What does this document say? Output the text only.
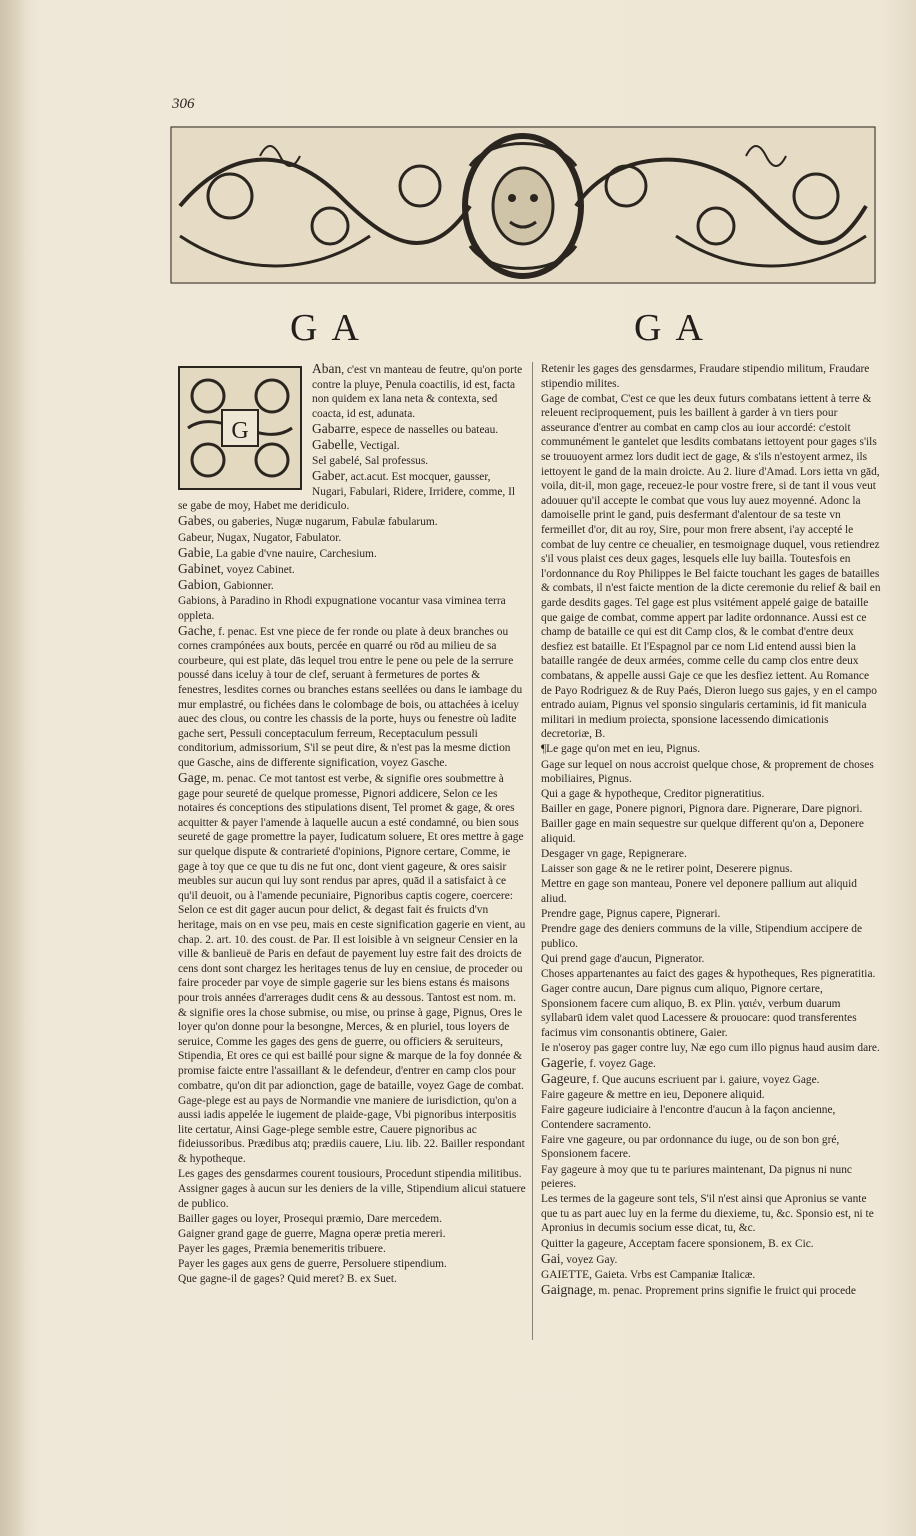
306
GA	GA
G
Aban, c'est vn manteau de feutre, qu'on porte contre la pluye, Penula coactilis, id est, facta non quidem ex lana neta & contexta, sed coacta, id est, adunata.
Gabarre, espece de nasselles ou bateau.
Gabelle, Vectigal.
Sel gabelé, Sal professus.
Gaber, act.acut. Est mocquer, gausser, Nugari, Fabulari, Ridere, Irridere, comme, Il se gabe de moy, Habet me deridiculo.
Gabes, ou gaberies, Nugæ nugarum, Fabulæ fabularum.
Gabeur, Nugax, Nugator, Fabulator.
Gabie, La gabie d'vne nauire, Carchesium.
Gabinet, voyez Cabinet.
Gabion, Gabionner.
Gabions, à Paradino in Rhodi expugnatione vocantur vasa viminea terra oppleta.
Gache, f. penac. Est vne piece de fer ronde ou plate à deux branches ou cornes crampónées aux bouts, percée en quarré ou rōd au milieu de sa courbeure, qui est plate, dās lequel trou entre le pene ou pele de la serrure poussé dans iceluy à tour de clef, seruant à fermetures de portes & fenestres, lesdites cornes ou branches estans seellées ou dans le iambage du mur emplastré, ou fichées dans le colombage de bois, ou attachées à iceluy auec des clous, ou contre les chassis de la porte, huys ou fenestre où ladite gache sert, Pessuli conceptaculum ferreum, Receptaculum pessuli conditorium, admissorium, S'il se peut dire, & n'est pas la mesme diction que Gasche, ains de differente signification, voyez Gasche.
Gage, m. penac. Ce mot tantost est verbe, & signifie ores soubmettre à gage pour seureté de quelque promesse, Pignori addicere, Selon ce les notaires és conceptions des stipulations disent, Tel promet & gage, & ores acquitter & payer l'amende à laquelle aucun a esté condamné, ou bien sous seureté de gage promettre la payer, Iudicatum soluere, Et ores mettre à gage sur quelque dispute & contrarieté d'opinions, Pignore certare, Comme, ie gage à toy que ce que tu dis ne fut onc, dont vient gageure, & ores saisir meubles sur aucun qui luy sont rendus par apres, quād il a satisfaict à ce qu'il deuoit, ou à l'amende pecuniaire, Pignoribus captis cogere, coercere: Selon ce est dit gager aucun pour delict, & degast fait és fruicts d'vn heritage, mais on en vse peu, mais en ceste signification gagerie en vient, au chap. 2. art. 10. des coust. de Par. Il est loisible à vn seigneur Censier en la ville & banlieuë de Paris en defaut de payement luy estre fait des droicts de cens dont sont chargez les heritages tenus de luy en censiue, de proceder ou faire proceder par voye de simple gagerie sur les biens estans és maisons pour trois années d'arrerages dudit cens & au dessous. Tantost est nom. m. & signifie ores la chose submise, ou mise, ou prinse à gage, Pignus, Ores le loyer qu'on donne pour la besongne, Merces, & en pluriel, tous loyers de seruice, Comme les gages des gens de guerre, ou officiers & seruiteurs, Stipendia, Et ores ce qui est baillé pour signe & marque de la foy donnée & promise faicte entre l'assaillant & le defendeur, d'entrer en camp clos pour combatre, qu'on dit par adionction, gage de bataille, voyez Gage de combat.
Gage-plege est au pays de Normandie vne maniere de iurisdiction, qu'on a aussi iadis appelée le iugement de plaide-gage, Vbi pignoribus interpositis lite certatur, Ainsi Gage-plege semble estre, Cauere pignoribus ac fideiussoribus. Prædibus atq; prædiis cauere, Liu. lib. 22. Bailler respondant & hypotheque.
Les gages des gensdarmes courent tousiours, Procedunt stipendia militibus.
Assigner gages à aucun sur les deniers de la ville, Stipendium alicui statuere de publico.
Bailler gages ou loyer, Prosequi præmio, Dare mercedem.
Gaigner grand gage de guerre, Magna operæ pretia mereri.
Payer les gages, Præmia benemeritis tribuere.
Payer les gages aux gens de guerre, Persoluere stipendium.
Que gagne-il de gages? Quid meret? B. ex Suet.
Retenir les gages des gensdarmes, Fraudare stipendio militum, Fraudare stipendio milites.
Gage de combat, C'est ce que les deux futurs combatans iettent à terre & releuent reciproquement, puis les baillent à garder à vn tiers pour asseurance d'entrer au combat en camp clos au iour accordé: c'estoit communément le gantelet que lesdits combatans iettoyent pour gages s'ils se trouuoyent armez lors dudit iect de gage, & s'ils n'estoyent armez, ils iettoyent le gand de la main droicte. Au 2. liure d'Amad. Lors ietta vn gād, voila, dit-il, mon gage, receuez-le pour vostre frere, si de tant il vous veut adouuer qu'il accepte le combat que vous luy auez moyenné. Adonc la damoiselle print le gand, puis desfermant d'alentour de sa teste vn fermeillet d'or, dit au roy, Sire, pour mon frere absent, i'ay accepté le combat de luy centre ce cheualier, en tesmoignage duquel, vous retiendrez s'il vous plaist ces deux gages, lesquels elle luy bailla. Toutesfois en l'ordonnance du Roy Philippes le Bel faicte touchant les gages de batailles & combats, il n'est faicte mention de la dicte ceremonie du relief & bail en garde desdits gages. Tel gage est plus vsitément appelé gaige de bataille que gaige de combat, comme appert par ladite ordonnance. Aussi est ce champ de bataille ce qui est dit Camp clos, & le combat d'entre deux desfiez est bataille. Et l'Espagnol par ce nom Lid entend aussi bien la bataille rangée de deux armées, comme celle du camp clos entre deux combatans, & appelle aussi Gaje ce que les desfiez iettent. Au Romance de Payo Rodriguez & de Ruy Paés, Dieron luego sus gajes, y en el campo entrado auiam, Pignus vel sponsio singularis certaminis, id fit manicula militari in medium proiecta, sponsione lacessendo dimicationis decretoriæ, B.
¶Le gage qu'on met en ieu, Pignus.
Gage sur lequel on nous accroist quelque chose, & proprement de choses mobiliaires, Pignus.
Qui a gage & hypotheque, Creditor pigneratitius.
Bailler en gage, Ponere pignori, Pignora dare. Pignerare, Dare pignori.
Bailler gage en main sequestre sur quelque different qu'on a, Deponere aliquid.
Desgager vn gage, Repignerare.
Laisser son gage & ne le retirer point, Deserere pignus.
Mettre en gage son manteau, Ponere vel deponere pallium aut aliquid aliud.
Prendre gage, Pignus capere, Pignerari.
Prendre gage des deniers communs de la ville, Stipendium accipere de publico.
Qui prend gage d'aucun, Pignerator.
Choses appartenantes au faict des gages & hypotheques, Res pigneratitia.
Gager contre aucun, Dare pignus cum aliquo, Pignore certare, Sponsionem facere cum aliquo, B. ex Plin. γαιέν, verbum duarum syllabarū idem valet quod Lacessere & prouocare: quod transferentes facimus vim consonantis obtinere, Gaier.
Ie n'oseroy pas gager contre luy, Næ ego cum illo pignus haud ausim dare.
Gagerie, f. voyez Gage.
Gageure, f. Que aucuns escriuent par i. gaiure, voyez Gage.
Faire gageure & mettre en ieu, Deponere aliquid.
Faire gageure iudiciaire à l'encontre d'aucun à la façon ancienne, Contendere sacramento.
Faire vne gageure, ou par ordonnance du iuge, ou de son bon gré, Sponsionem facere.
Fay gageure à moy que tu te pariures maintenant, Da pignus ni nunc peieres.
Les termes de la gageure sont tels, S'il n'est ainsi que Apronius se vante que tu as part auec luy en la ferme du diexieme, tu, &c. Sponsio est, ni te Apronius in decumis socium esse dicat, tu, &c.
Quitter la gageure, Acceptam facere sponsionem, B. ex Cic.
Gai, voyez Gay.
GAIETTE, Gaieta. Vrbs est Campaniæ Italicæ.
Gaignage, m. penac. Proprement prins signifie le fruict qui procede
